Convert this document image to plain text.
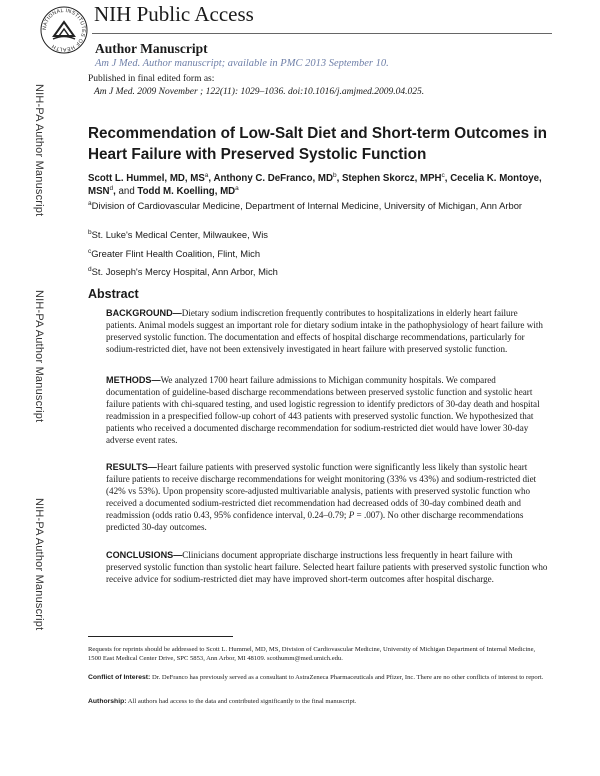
NATIONAL INSTITUTES OF HEALTH
NIH Public Access
Author Manuscript
Am J Med. Author manuscript; available in PMC 2013 September 10.
NIH-PA Author Manuscript
NIH-PA Author Manuscript
NIH-PA Author Manuscript
Published in final edited form as:
Am J Med. 2009 November ; 122(11): 1029–1036. doi:10.1016/j.amjmed.2009.04.025.
Recommendation of Low-Salt Diet and Short-term Outcomes in Heart Failure with Preserved Systolic Function
Scott L. Hummel, MD, $MS^a$, Anthony C. DeFranco, $MD^b$, Stephen Skorcz, MPH$^c$, Cecelia K. Montoye, MSN$^d$, and Todd M. Koelling, $MD^a$
$^a$Division of Cardiovascular Medicine, Department of Internal Medicine, University of Michigan, Ann Arbor
$^b$St. Luke's Medical Center, Milwaukee, Wis
$^c$Greater Flint Health Coalition, Flint, Mich
$^d$St. Joseph's Mercy Hospital, Ann Arbor, Mich
Abstract
BACKGROUND—Dietary sodium indiscretion frequently contributes to hospitalizations in elderly heart failure patients. Animal models suggest an important role for dietary sodium intake in the pathophysiology of heart failure with preserved systolic function. The documentation and effects of hospital discharge recommendations, particularly for sodium-restricted diet, have not been extensively investigated in heart failure with preserved systolic function.
METHODS—We analyzed 1700 heart failure admissions to Michigan community hospitals. We compared documentation of guideline-based discharge recommendations between preserved systolic function and systolic heart failure patients with chi-squared testing, and used logistic regression to identify predictors of 30-day death and hospital readmission in a prespecified follow-up cohort of 443 patients with preserved systolic function. We hypothesized that patients who received a documented discharge recommendation for sodium-restricted diet would have lower 30-day adverse event rates.
RESULTS—Heart failure patients with preserved systolic function were significantly less likely than systolic heart failure patients to receive discharge recommendations for weight monitoring (33% vs 43%) and sodium-restricted diet (42% vs 53%). Upon propensity score-adjusted multivariable analysis, patients with preserved systolic function who received a documented sodium-restricted diet recommendation had decreased odds of 30-day combined death and readmission (odds ratio 0.43, 95% confidence interval, 0.24–0.79; P = .007). No other discharge recommendations predicted 30-day outcomes.
CONCLUSIONS—Clinicians document appropriate discharge instructions less frequently in heart failure with preserved systolic function than systolic heart failure. Selected heart failure patients with preserved systolic function who receive advice for sodium-restricted diet may have improved short-term outcomes after hospital discharge.
Requests for reprints should be addressed to Scott L. Hummel, MD, MS, Division of Cardiovascular Medicine, University of Michigan Department of Internal Medicine, 1500 East Medical Center Drive, SPC 5853, Ann Arbor, MI 48109. scothumm@med.umich.edu.
Conflict of Interest: Dr. DeFranco has previously served as a consultant to AstraZeneca Pharmaceuticals and Pfizer, Inc. There are no other conflicts of interest to report.
Authorship: All authors had access to the data and contributed significantly to the final manuscript.
